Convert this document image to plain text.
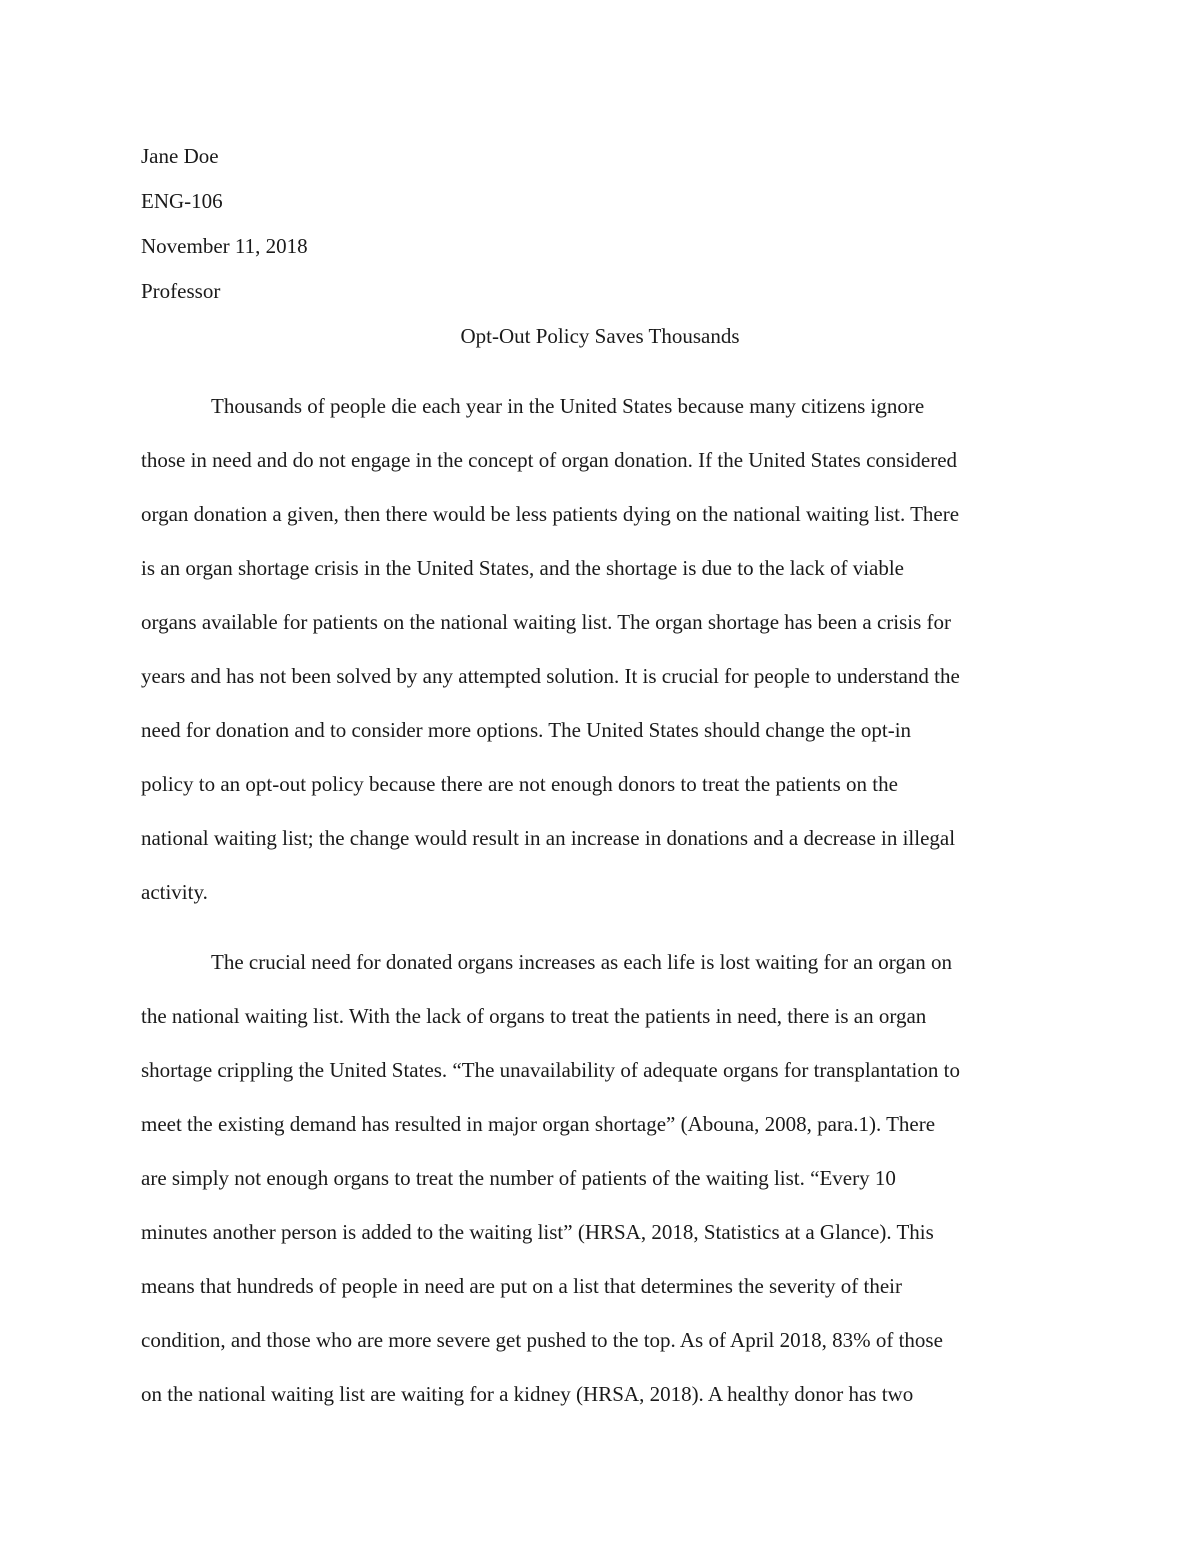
Jane Doe
ENG-106
November 11, 2018
Professor
Opt-Out Policy Saves Thousands
Thousands of people die each year in the United States because many citizens ignore
those in need and do not engage in the concept of organ donation. If the United States considered
organ donation a given, then there would be less patients dying on the national waiting list. There
is an organ shortage crisis in the United States, and the shortage is due to the lack of viable
organs available for patients on the national waiting list. The organ shortage has been a crisis for
years and has not been solved by any attempted solution. It is crucial for people to understand the
need for donation and to consider more options. The United States should change the opt-in
policy to an opt-out policy because there are not enough donors to treat the patients on the
national waiting list; the change would result in an increase in donations and a decrease in illegal
activity.
The crucial need for donated organs increases as each life is lost waiting for an organ on
the national waiting list. With the lack of organs to treat the patients in need, there is an organ
shortage crippling the United States. “The unavailability of adequate organs for transplantation to
meet the existing demand has resulted in major organ shortage” (Abouna, 2008, para.1). There
are simply not enough organs to treat the number of patients of the waiting list. “Every 10
minutes another person is added to the waiting list” (HRSA, 2018, Statistics at a Glance). This
means that hundreds of people in need are put on a list that determines the severity of their
condition, and those who are more severe get pushed to the top. As of April 2018, 83% of those
on the national waiting list are waiting for a kidney (HRSA, 2018). A healthy donor has two
